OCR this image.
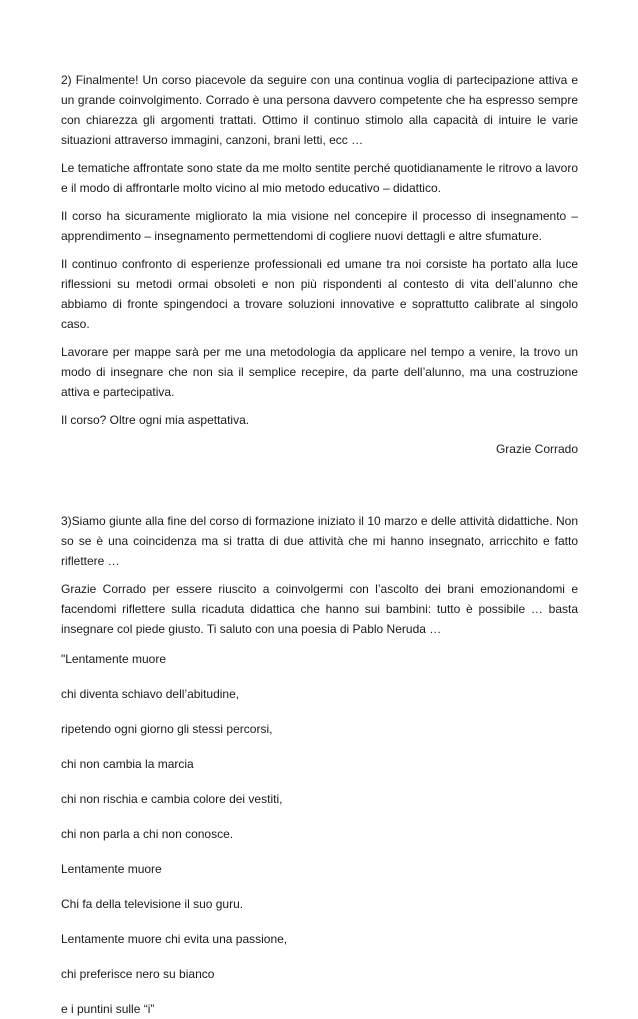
2) Finalmente! Un corso piacevole da seguire con una continua voglia di partecipazione attiva e un grande coinvolgimento. Corrado è una persona davvero competente che ha espresso sempre con chiarezza gli argomenti trattati. Ottimo il continuo stimolo alla capacità di intuire le varie situazioni attraverso immagini, canzoni, brani letti, ecc …

Le tematiche affrontate sono state da me molto sentite perché quotidianamente le ritrovo a lavoro e il modo di affrontarle molto vicino al mio metodo educativo – didattico.

Il corso ha sicuramente migliorato la mia visione nel concepire il processo di insegnamento – apprendimento – insegnamento permettendomi di cogliere nuovi dettagli e altre sfumature.

Il continuo confronto di esperienze professionali ed umane tra noi corsiste ha portato alla luce riflessioni su metodi ormai obsoleti e non più rispondenti al contesto di vita dell’alunno che abbiamo di fronte spingendoci a trovare soluzioni innovative e soprattutto calibrate al singolo caso.

Lavorare per mappe sarà per me una metodologia da applicare nel tempo a venire, la trovo un modo di insegnare che non sia il semplice recepire, da parte dell’alunno, ma una costruzione attiva e partecipativa.

Il corso? Oltre ogni mia aspettativa.

Grazie Corrado

3)Siamo giunte alla fine del corso di formazione iniziato il 10 marzo e delle attività didattiche. Non so se è una coincidenza ma si tratta di due attività che mi hanno insegnato, arricchito e fatto riflettere …

Grazie Corrado per essere riuscito a coinvolgermi con l’ascolto dei brani emozionandomi e facendomi riflettere sulla ricaduta didattica che hanno sui bambini: tutto è possibile … basta insegnare col piede giusto. Ti saluto con una poesia di Pablo Neruda …

"Lentamente muore

chi diventa schiavo dell’abitudine,

ripetendo ogni giorno gli stessi percorsi,

chi non cambia la marcia

chi non rischia e cambia colore dei vestiti,

chi non parla a chi non conosce.

Lentamente muore

Chi fa della televisione il suo guru.

Lentamente muore chi evita una passione,

chi preferisce nero su bianco

e i puntini sulle “i”
